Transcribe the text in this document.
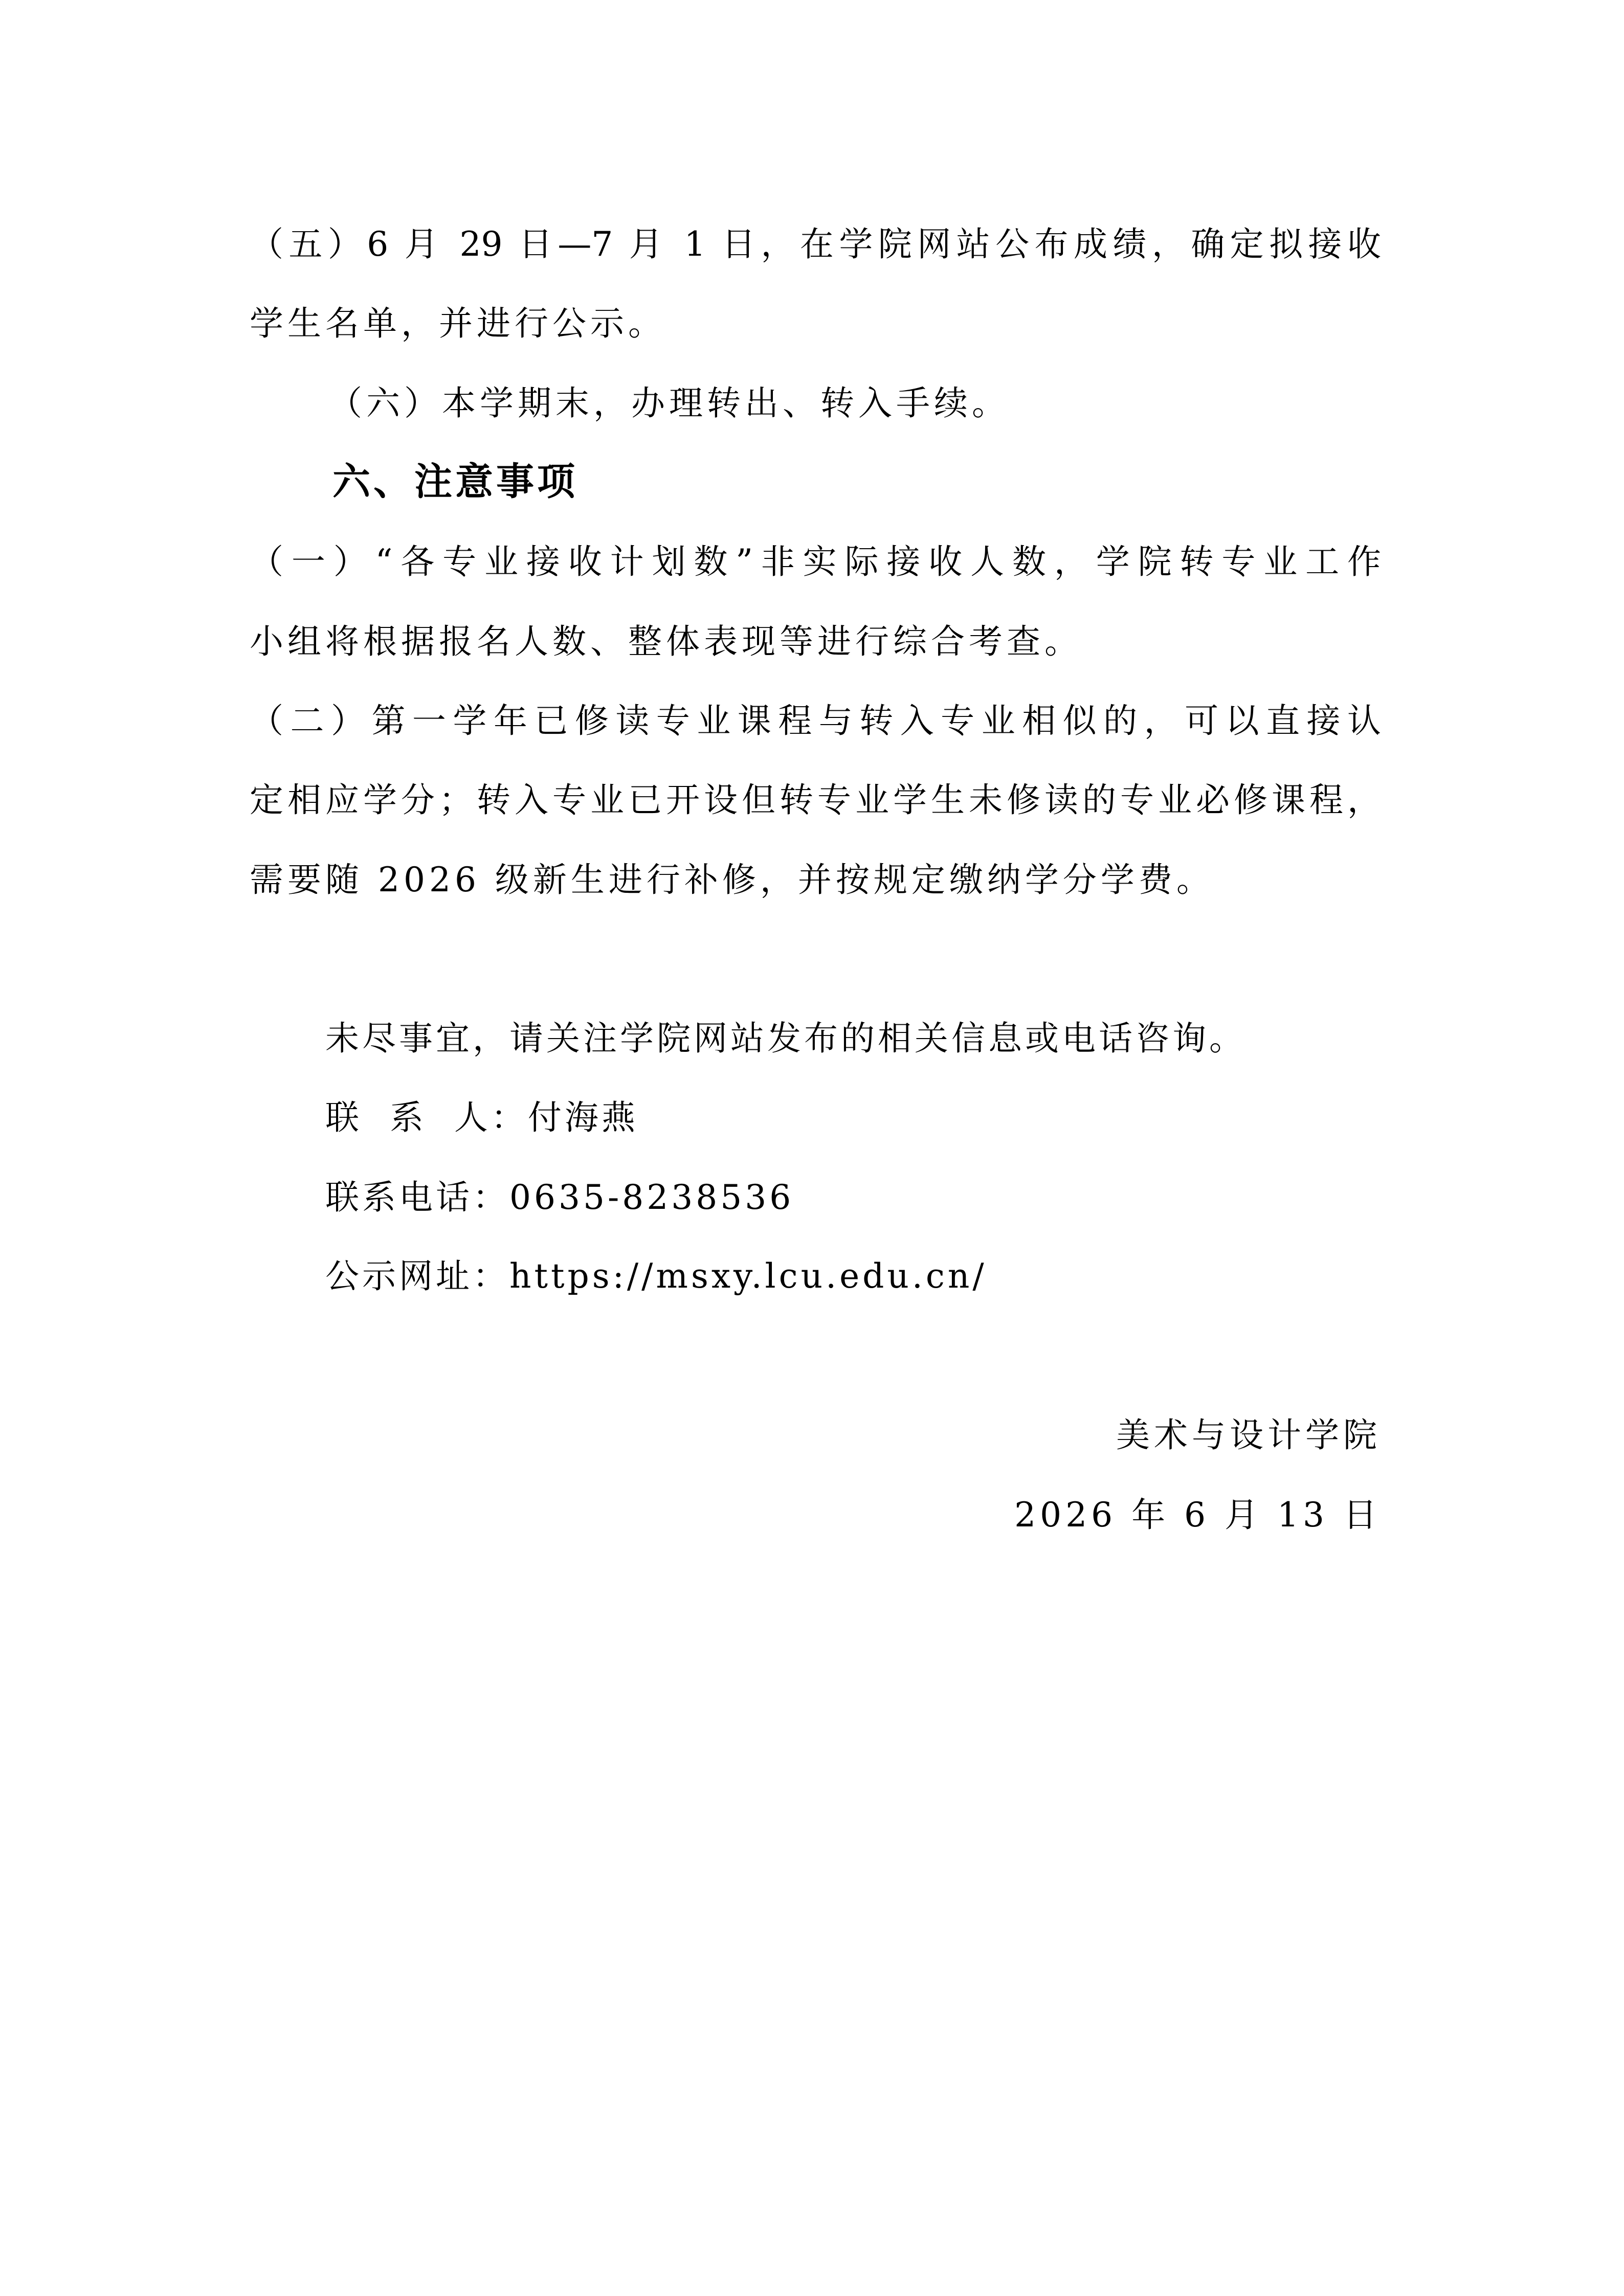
（五）6 月 29 日—7 月 1 日，在学院网站公布成绩，确定拟接收
学生名单，并进行公示。
（六）本学期末，办理转出、转入手续。
六、注意事项
（一）“各专业接收计划数”非实际接收人数，学院转专业工作
小组将根据报名人数、整体表现等进行综合考查。
（二）第一学年已修读专业课程与转入专业相似的，可以直接认
定相应学分；转入专业已开设但转专业学生未修读的专业必修课程，
需要随 2026 级新生进行补修，并按规定缴纳学分学费。
未尽事宜，请关注学院网站发布的相关信息或电话咨询。
联  系  人：付海燕
联系电话：0635-8238536
公示网址：https://msxy.lcu.edu.cn/
美术与设计学院
2026 年 6 月 13 日
